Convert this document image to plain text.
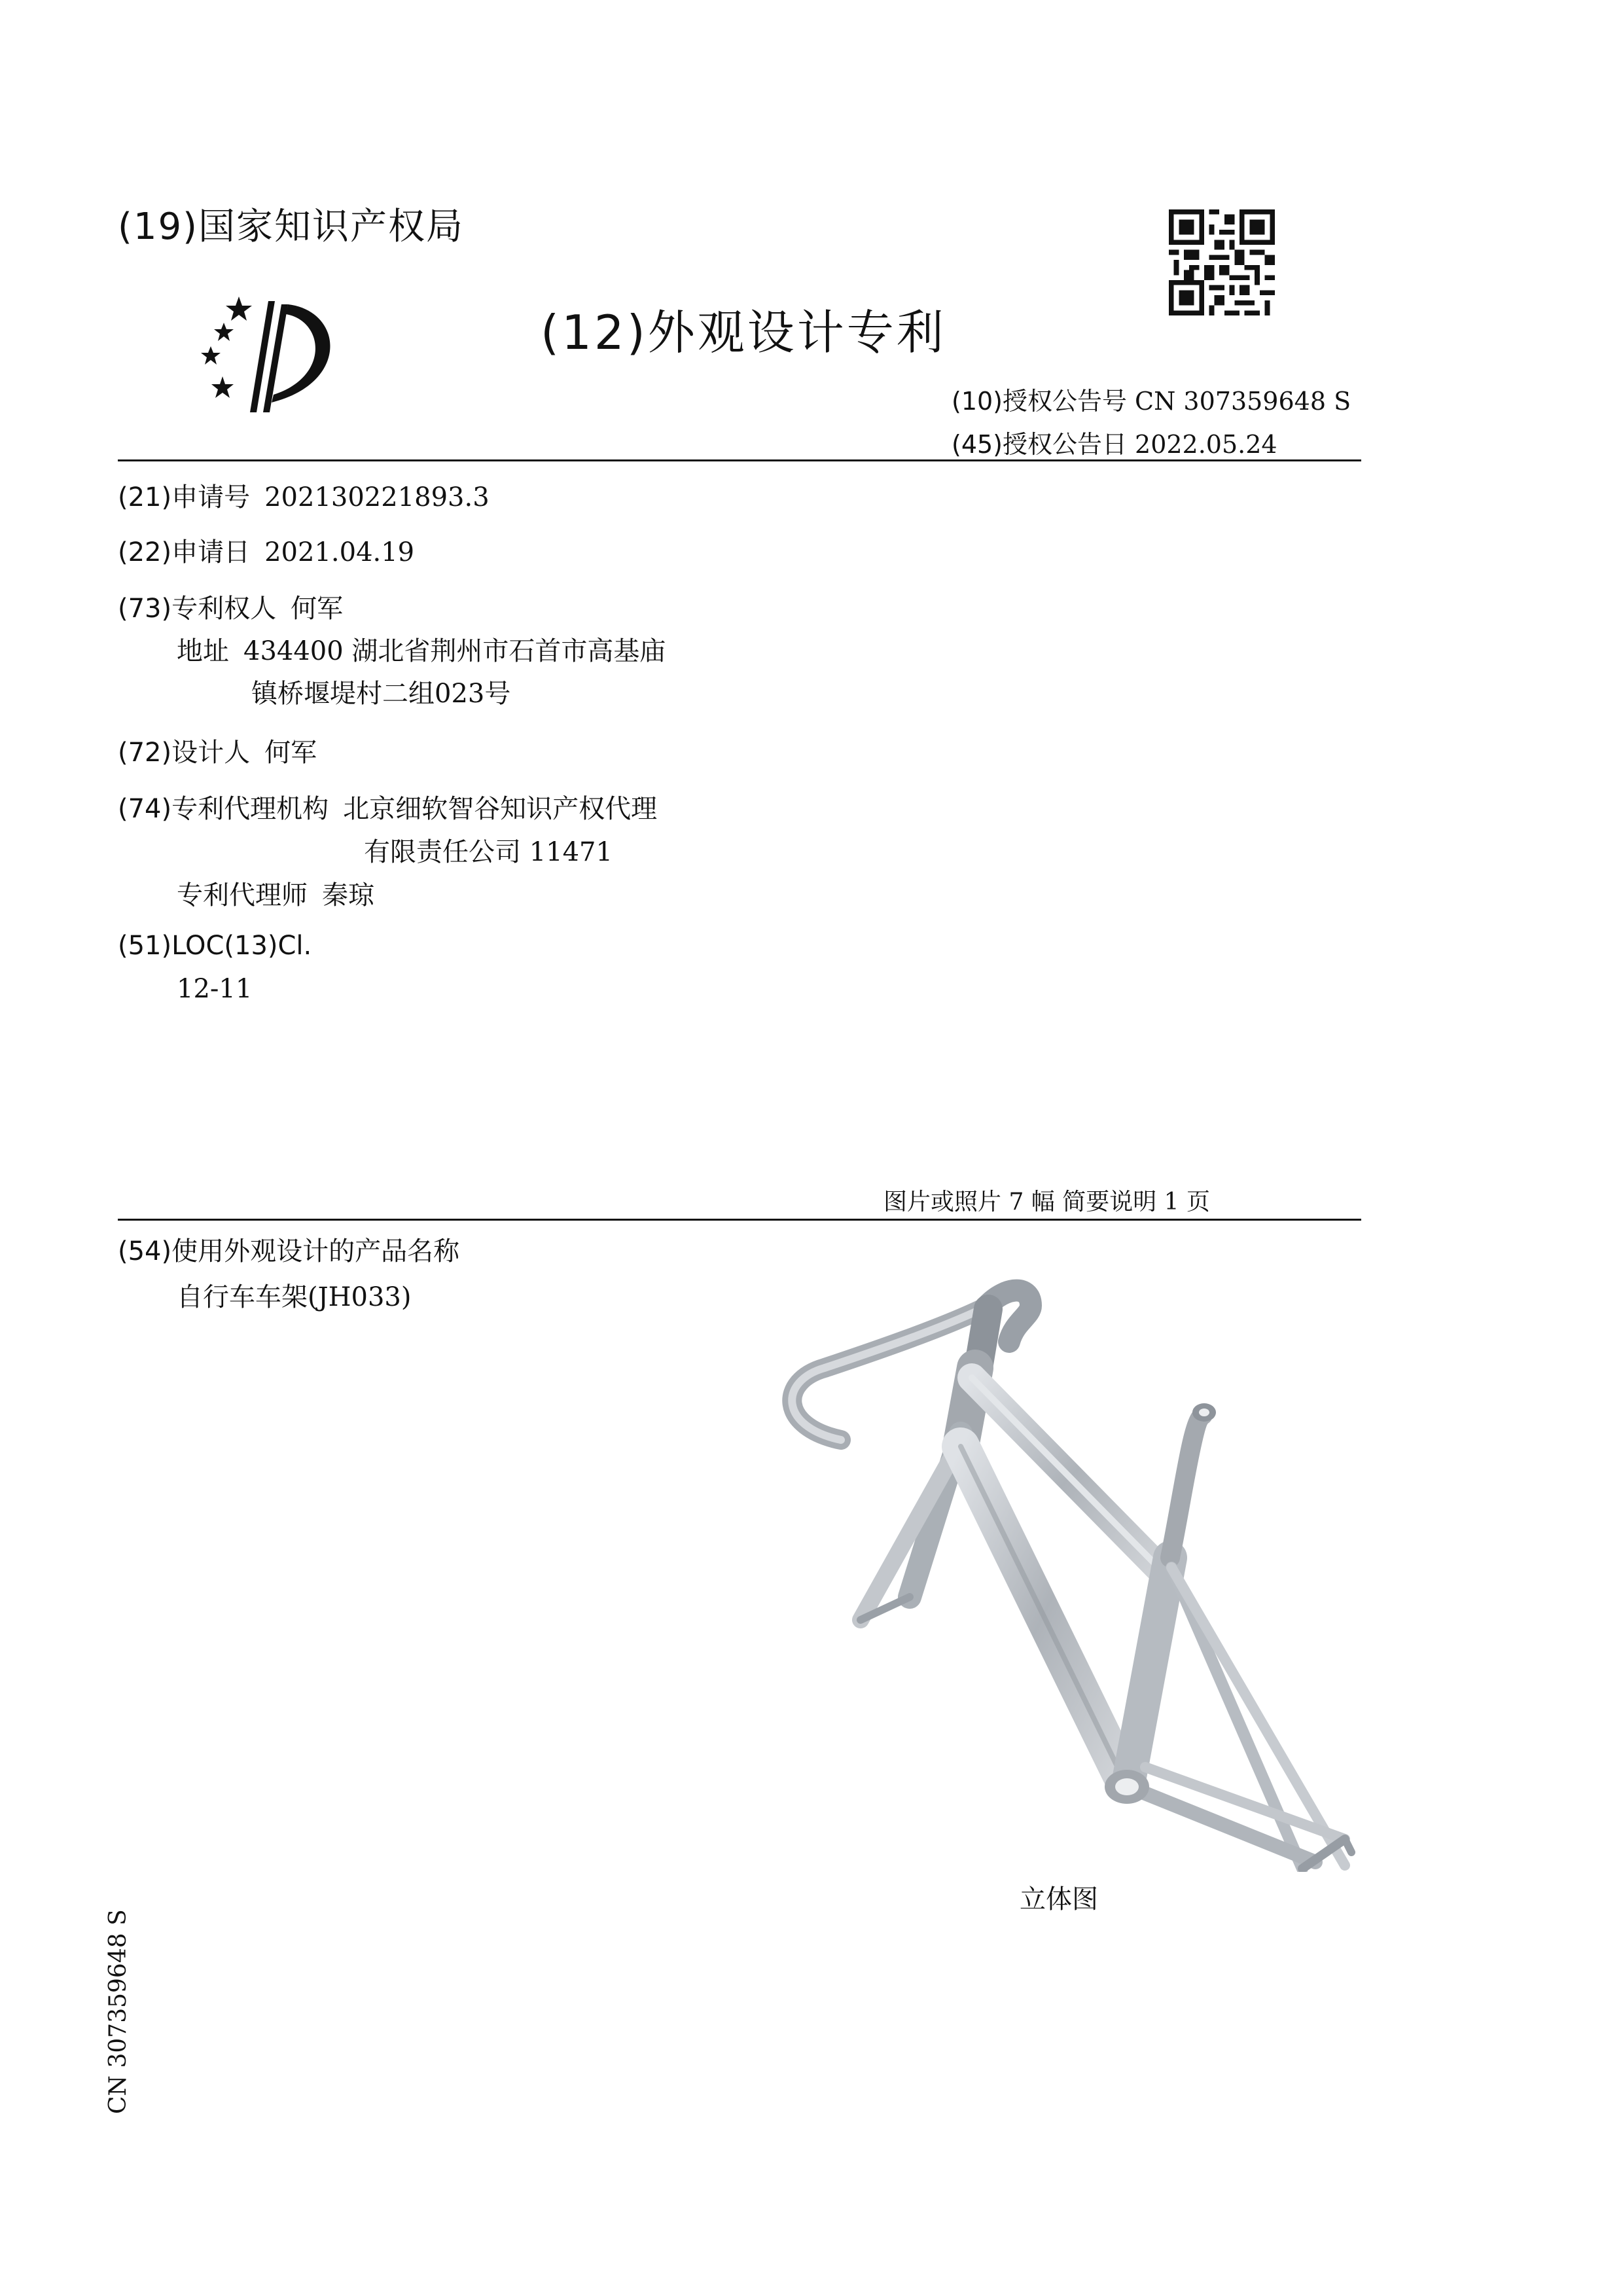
(19)国家知识产权局
(12)外观设计专利
(10)授权公告号 CN 307359648 S
(45)授权公告日 2022.05.24
(21)申请号 202130221893.3
(22)申请日 2021.04.19
(73)专利权人 何军
地址 434400 湖北省荆州市石首市高基庙
镇桥堰堤村二组023号
(72)设计人 何军
(74)专利代理机构 北京细软智谷知识产权代理
有限责任公司 11471
专利代理师 秦琼
(51)LOC(13)Cl.
12-11
图片或照片 7 幅 简要说明 1 页
(54)使用外观设计的产品名称
自行车车架(JH033)
立体图
CN 307359648 S
